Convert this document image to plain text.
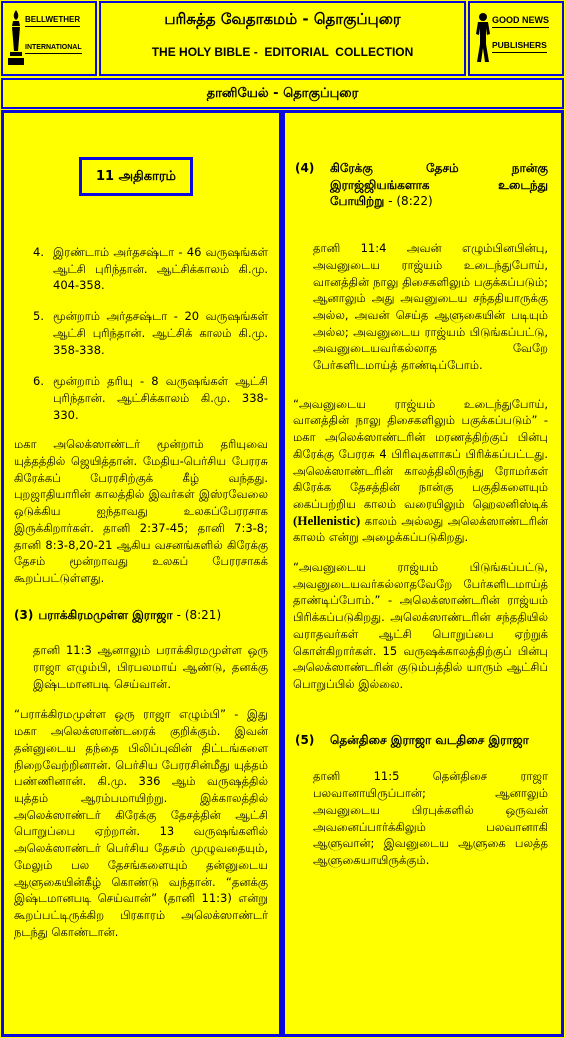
BELLWETHER
INTERNATIONAL
பரிசுத்த வேதாகமம் - தொகுப்புரை
THE HOLY BIBLE -  EDITORIAL  COLLECTION
GOOD NEWS
PUBLISHERS
தானியேல் - தொகுப்புரை
11 அதிகாரம்
4. இரண்டாம் அர்தசஷ்டா - 46 வருஷங்கள் ஆட்சி புரிந்தான். ஆட்சிக்காலம் கி.மு. 404-358.
5. மூன்றாம் அர்தசஷ்டா - 20 வருஷங்கள் ஆட்சி புரிந்தான். ஆட்சிக் காலம் கி.மு. 358-338.
6. மூன்றாம் தரியு - 8 வருஷங்கள் ஆட்சி புரிந்தான். ஆட்சிக்காலம் கி.மு. 338-330.
மகா அலெக்ஸாண்டர் மூன்றாம் தரியுவை யுத்தத்தில் ஜெயித்தான். மேதிய-பெர்சிய பேரரசு கிரேக்கப் பேரரசிற்குக் கீழ் வந்தது. புறஜாதியாரின் காலத்தில் இவர்கள் இஸ்ரவேலை ஒடுக்கிய ஐந்தாவது உலகப்பேரரசாக இருக்கிறார்கள். தானி 2:37-45; தானி 7:3-8; தானி 8:3-8,20-21 ஆகிய வசனங்களில் கிரேக்கு தேசம் மூன்றாவது உலகப் பேரரசாகக் கூறப்பட்டுள்ளது.
(3) பராக்கிரமமுள்ள இராஜா - (8:21)
தானி 11:3 ஆனாலும் பராக்கிரமமுள்ள ஒரு ராஜா எழும்பி, பிரபலமாய் ஆண்டு, தனக்கு இஷ்டமானபடி செய்வான்.
“பராக்கிரமமுள்ள ஒரு ராஜா எழும்பி” - இது மகா அலெக்ஸாண்டரைக் குறிக்கும். இவன் தன்னுடைய தந்தை பிலிப்புவின் திட்டங்களை நிறைவேற்றினான். பெர்சிய பேரரசின்மீது யுத்தம் பண்ணினான். கி.மு. 336 ஆம் வருஷத்தில் யுத்தம் ஆரம்பமாயிற்று. இக்காலத்தில் அலெக்ஸாண்டர் கிரேக்கு தேசத்தின் ஆட்சி பொறுப்பை ஏற்றான். 13 வருஷங்களில் அலெக்ஸாண்டர் பெர்சிய தேசம் முழுவதையும், மேலும் பல தேசங்களையும் தன்னுடைய ஆளுகையின்கீழ் கொண்டு வந்தான். “தனக்கு இஷ்டமானபடி செய்வான்” (தானி 11:3) என்று கூறப்பட்டிருக்கிற பிரகாரம் அலெக்ஸாண்டர் நடந்து கொண்டான்.
(4)	கிரேக்கு தேசம் நான்கு இராஜ்ஜியங்களாக உடைந்து போயிற்று - (8:22)
தானி 11:4 அவன் எழும்பினபின்பு, அவனுடைய ராஜ்யம் உடைந்துபோய், வானத்தின் நாலு திசைகளிலும் பகுக்கப்படும்; ஆனாலும் அது அவனுடைய சந்ததியாருக்கு அல்ல, அவன் செய்த ஆளுகையின் படியும் அல்ல; அவனுடைய ராஜ்யம் பிடுங்கப்பட்டு, அவனுடையவர்கல்லாத வேறே பேர்களிடமாய்த் தாண்டிப்போம்.
“அவனுடைய ராஜ்யம் உடைந்துபோய், வானத்தின் நாலு திசைகளிலும் பகுக்கப்படும்” - மகா அலெக்ஸாண்டரின் மரணத்திற்குப் பின்பு கிரேக்கு பேரரசு 4 பிரிவுகளாகப் பிரிக்கப்பட்டது. அலெக்ஸாண்டரின் காலத்திலிருந்து ரோமர்கள் கிரேக்க தேசத்தின் நான்கு பகுதிகளையும் கைப்பற்றிய காலம் வரையிலும் ஹெலனிஸ்டிக் (Hellenistic) காலம் அல்லது அலெக்ஸாண்டரின் காலம் என்று அழைக்கப்படுகிறது.
“அவனுடைய ராஜ்யம் பிடுங்கப்பட்டு, அவனுடையவர்கல்லாதவேறே பேர்களிடமாய்த் தாண்டிப்போம்.” - அலெக்ஸாண்டரின் ராஜ்யம் பிரிக்கப்படுகிறது. அலெக்ஸாண்டரின் சந்ததியில் வராதவர்கள் ஆட்சி பொறுப்பை ஏற்றுக் கொள்கிறார்கள். 15 வருஷக்காலத்திற்குப் பின்பு அலெக்ஸாண்டரின் குடும்பத்தில் யாரும் ஆட்சிப் பொறுப்பில் இல்லை.
(5)	தென்திசை இராஜா வடதிசை இராஜா
தானி 11:5 தென்திசை ராஜா பலவானாயிருப்பான்; ஆனாலும் அவனுடைய பிரபுக்களில் ஒருவன் அவனைப்பார்க்கிலும் பலவானாகி ஆளுவான்; இவனுடைய ஆளுகை பலத்த ஆளுகையாயிருக்கும்.
